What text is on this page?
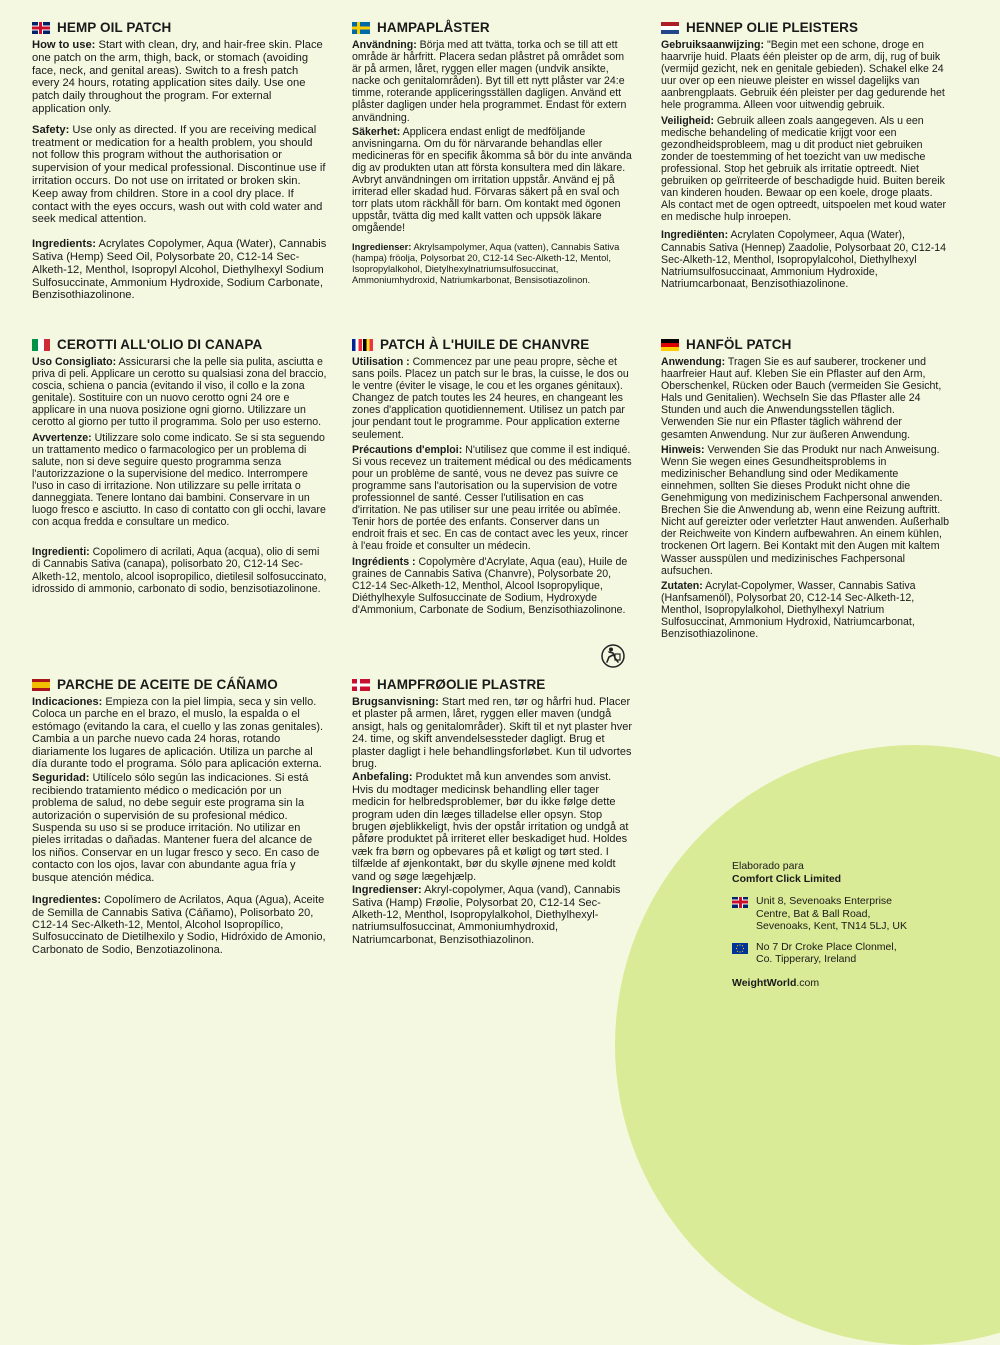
HEMP OIL PATCH

How to use: Start with clean, dry, and hair-free skin. Place one patch on the arm, thigh, back, or stomach (avoiding face, neck, and genital areas). Switch to a fresh patch every 24 hours, rotating application sites daily. Use one patch daily throughout the program. For external application only.

Safety: Use only as directed. If you are receiving medical treatment or medication for a health problem, you should not follow this program without the authorisation or supervision of your medical professional. Discontinue use if irritation occurs. Do not use on irritated or broken skin. Keep away from children. Store in a cool dry place. If contact with the eyes occurs, wash out with cold water and seek medical attention.

Ingredients: Acrylates Copolymer, Aqua (Water), Cannabis Sativa (Hemp) Seed Oil, Polysorbate 20, C12-14 Sec-Alketh-12, Menthol, Isopropyl Alcohol, Diethylhexyl Sodium Sulfosuccinate, Ammonium Hydroxide, Sodium Carbonate, Benzisothiazolinone.

HAMPAPLÅSTER

Användning: Börja med att tvätta, torka och se till att ett område är hårfritt. Placera sedan plåstret på området som är på armen, låret, ryggen eller magen (undvik ansikte, nacke och genitalområden). Byt till ett nytt plåster var 24:e timme, roterande appliceringsställen dagligen. Använd ett plåster dagligen under hela programmet. Endast för extern användning.

Säkerhet: Applicera endast enligt de medföljande anvisningarna. Om du för närvarande behandlas eller medicineras för en specifik åkomma så bör du inte använda dig av produkten utan att första konsultera med din läkare. Avbryt användningen om irritation uppstår. Använd ej på irriterad eller skadad hud. Förvaras säkert på en sval och torr plats utom räckhåll för barn. Om kontakt med ögonen uppstår, tvätta dig med kallt vatten och uppsök läkare omgående!

Ingredienser: Akrylsampolymer, Aqua (vatten), Cannabis Sativa (hampa) fröolja, Polysorbat 20, C12-14 Sec-Alketh-12, Mentol, Isopropylalkohol, Dietylhexylnatriumsulfosuccinat, Ammoniumhydroxid, Natriumkarbonat, Bensisotiazolinon.

HENNEP OLIE PLEISTERS

Gebruiksaanwijzing: "Begin met een schone, droge en haarvrije huid. Plaats één pleister op de arm, dij, rug of buik (vermijd gezicht, nek en genitale gebieden). Schakel elke 24 uur over op een nieuwe pleister en wissel dagelijks van aanbrengplaats. Gebruik één pleister per dag gedurende het hele programma. Alleen voor uitwendig gebruik.

Veiligheid: Gebruik alleen zoals aangegeven. Als u een medische behandeling of medicatie krijgt voor een gezondheidsprobleem, mag u dit product niet gebruiken zonder de toestemming of het toezicht van uw medische professional. Stop het gebruik als irritatie optreedt. Niet gebruiken op geïrriteerde of beschadigde huid. Buiten bereik van kinderen houden. Bewaar op een koele, droge plaats. Als contact met de ogen optreedt, uitspoelen met koud water en medische hulp inroepen.

Ingrediënten: Acrylaten Copolymeer, Aqua (Water), Cannabis Sativa (Hennep) Zaadolie, Polysorbaat 20, C12-14 Sec-Alketh-12, Menthol, Isopropylalcohol, Diethylhexyl Natriumsulfosuccinaat, Ammonium Hydroxide, Natriumcarbonaat, Benzisothiazolinone.

CEROTTI ALL'OLIO DI CANAPA

Uso Consigliato: Assicurarsi che la pelle sia pulita, asciutta e priva di peli. Applicare un cerotto su qualsiasi zona del braccio, coscia, schiena o pancia (evitando il viso, il collo e la zona genitale). Sostituire con un nuovo cerotto ogni 24 ore e applicare in una nuova posizione ogni giorno. Utilizzare un cerotto al giorno per tutto il programma. Solo per uso esterno.

Avvertenze: Utilizzare solo come indicato. Se si sta seguendo un trattamento medico o farmacologico per un problema di salute, non si deve seguire questo programma senza l'autorizzazione o la supervisione del medico. Interrompere l'uso in caso di irritazione. Non utilizzare su pelle irritata o danneggiata. Tenere lontano dai bambini. Conservare in un luogo fresco e asciutto. In caso di contatto con gli occhi, lavare con acqua fredda e consultare un medico.

Ingredienti: Copolimero di acrilati, Aqua (acqua), olio di semi di Cannabis Sativa (canapa), polisorbato 20, C12-14 Sec-Alketh-12, mentolo, alcool isopropilico, dietilesil solfosuccinato, idrossido di ammonio, carbonato di sodio, benzisotiazolinone.

PATCH À L'HUILE DE CHANVRE

Utilisation : Commencez par une peau propre, sèche et sans poils. Placez un patch sur le bras, la cuisse, le dos ou le ventre (éviter le visage, le cou et les organes génitaux). Changez de patch toutes les 24 heures, en changeant les zones d'application quotidiennement. Utilisez un patch par jour pendant tout le programme. Pour application externe seulement.

Précautions d'emploi: N'utilisez que comme il est indiqué. Si vous recevez un traitement médical ou des médicaments pour un problème de santé, vous ne devez pas suivre ce programme sans l'autorisation ou la supervision de votre professionnel de santé. Cesser l'utilisation en cas d'irritation. Ne pas utiliser sur une peau irritée ou abîmée. Tenir hors de portée des enfants. Conserver dans un endroit frais et sec. En cas de contact avec les yeux, rincer à l'eau froide et consulter un médecin.

Ingrédients : Copolymère d'Acrylate, Aqua (eau), Huile de graines de Cannabis Sativa (Chanvre), Polysorbate 20, C12-14 Sec-Alketh-12, Menthol, Alcool Isopropylique, Diéthylhexyle Sulfosuccinate de Sodium, Hydroxyde d'Ammonium, Carbonate de Sodium, Benzisothiazolinone.

HANFÖL PATCH

Anwendung: Tragen Sie es auf sauberer, trockener und haarfreier Haut auf. Kleben Sie ein Pflaster auf den Arm, Oberschenkel, Rücken oder Bauch (vermeiden Sie Gesicht, Hals und Genitalien). Wechseln Sie das Pflaster alle 24 Stunden und auch die Anwendungsstellen täglich. Verwenden Sie nur ein Pflaster täglich während der gesamten Anwendung. Nur zur äußeren Anwendung.

Hinweis: Verwenden Sie das Produkt nur nach Anweisung. Wenn Sie wegen eines Gesundheitsproblems in medizinischer Behandlung sind oder Medikamente einnehmen, sollten Sie dieses Produkt nicht ohne die Genehmigung von medizinischem Fachpersonal anwenden. Brechen Sie die Anwendung ab, wenn eine Reizung auftritt. Nicht auf gereizter oder verletzter Haut anwenden. Außerhalb der Reichweite von Kindern aufbewahren. An einem kühlen, trockenen Ort lagern. Bei Kontakt mit den Augen mit kaltem Wasser ausspülen und medizinisches Fachpersonal aufsuchen.

Zutaten: Acrylat-Copolymer, Wasser, Cannabis Sativa (Hanfsamenöl), Polysorbat 20, C12-14 Sec-Alketh-12, Menthol, Isopropylalkohol, Diethylhexyl Natrium Sulfosuccinat, Ammonium Hydroxid, Natriumcarbonat, Benzisothiazolinone.

PARCHE DE ACEITE DE CÁÑAMO

Indicaciones: Empieza con la piel limpia, seca y sin vello. Coloca un parche en el brazo, el muslo, la espalda o el estómago (evitando la cara, el cuello y las zonas genitales). Cambia a un parche nuevo cada 24 horas, rotando diariamente los lugares de aplicación. Utiliza un parche al día durante todo el programa. Sólo para aplicación externa.

Seguridad: Utilícelo sólo según las indicaciones. Si está recibiendo tratamiento médico o medicación por un problema de salud, no debe seguir este programa sin la autorización o supervisión de su profesional médico. Suspenda su uso si se produce irritación. No utilizar en pieles irritadas o dañadas. Mantener fuera del alcance de los niños. Conservar en un lugar fresco y seco. En caso de contacto con los ojos, lavar con abundante agua fría y busque atención médica.

Ingredientes: Copolímero de Acrilatos, Aqua (Agua), Aceite de Semilla de Cannabis Sativa (Cáñamo), Polisorbato 20, C12-14 Sec-Alketh-12, Mentol, Alcohol Isopropílico, Sulfosuccinato de Dietilhexilo y Sodio, Hidróxido de Amonio, Carbonato de Sodio, Benzotiazolinona.

HAMPFRØOLIE PLASTRE

Brugsanvisning: Start med ren, tør og hårfri hud. Placer et plaster på armen, låret, ryggen eller maven (undgå ansigt, hals og genitalområder). Skift til et nyt plaster hver 24. time, og skift anvendelsessteder dagligt. Brug et plaster dagligt i hele behandlingsforløbet. Kun til udvortes brug.

Anbefaling: Produktet må kun anvendes som anvist. Hvis du modtager medicinsk behandling eller tager medicin for helbredsproblemer, bør du ikke følge dette program uden din læges tilladelse eller opsyn. Stop brugen øjeblikkeligt, hvis der opstår irritation og undgå at påføre produktet på irriteret eller beskadiget hud. Holdes væk fra børn og opbevares på et køligt og tørt sted. I tilfælde af øjenkontakt, bør du skylle øjnene med koldt vand og søge lægehjælp.

Ingredienser: Akryl-copolymer, Aqua (vand), Cannabis Sativa (Hamp) Frøolie, Polysorbat 20, C12-14 Sec-Alketh-12, Menthol, Isopropylalkohol, Diethylhexyl-natriumsulfosuccinat, Ammoniumhydroxid, Natriumcarbonat, Benzisothiazolinon.

Elaborado para
Comfort Click Limited
Unit 8, Sevenoaks Enterprise Centre, Bat & Ball Road, Sevenoaks, Kent, TN14 5LJ, UK
No 7 Dr Croke Place Clonmel, Co. Tipperary, Ireland
WeightWorld.com
